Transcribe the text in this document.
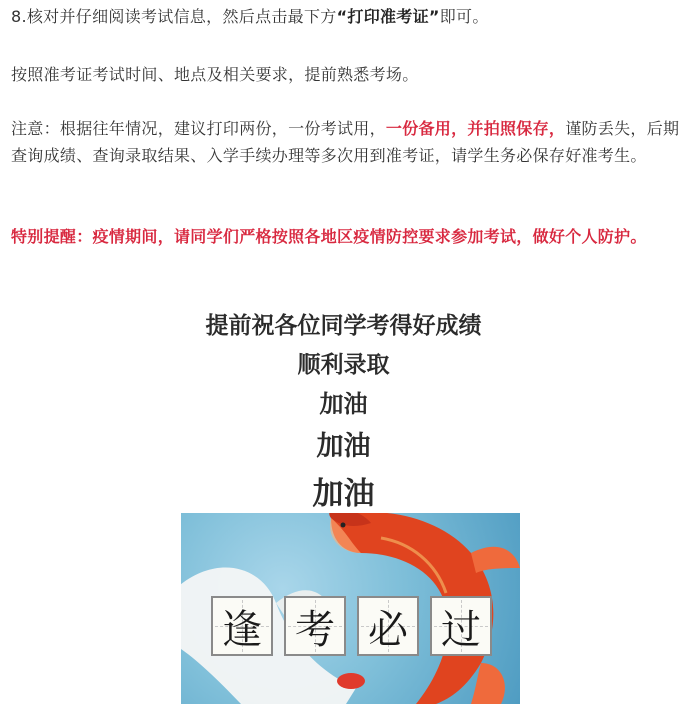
8.核对并仔细阅读考试信息，然后点击最下方“打印准考证”即可。
按照准考证考试时间、地点及相关要求，提前熟悉考场。
注意：根据往年情况，建议打印两份，一份考试用，一份备用，并拍照保存，谨防丢失，后期查询成绩、查询录取结果、入学手续办理等多次用到准考证，请学生务必保存好准考生。
特别提醒：疫情期间，请同学们严格按照各地区疫情防控要求参加考试，做好个人防护。
提前祝各位同学考得好成绩
顺利录取
加油
加油
加油
逢 考 必 过
